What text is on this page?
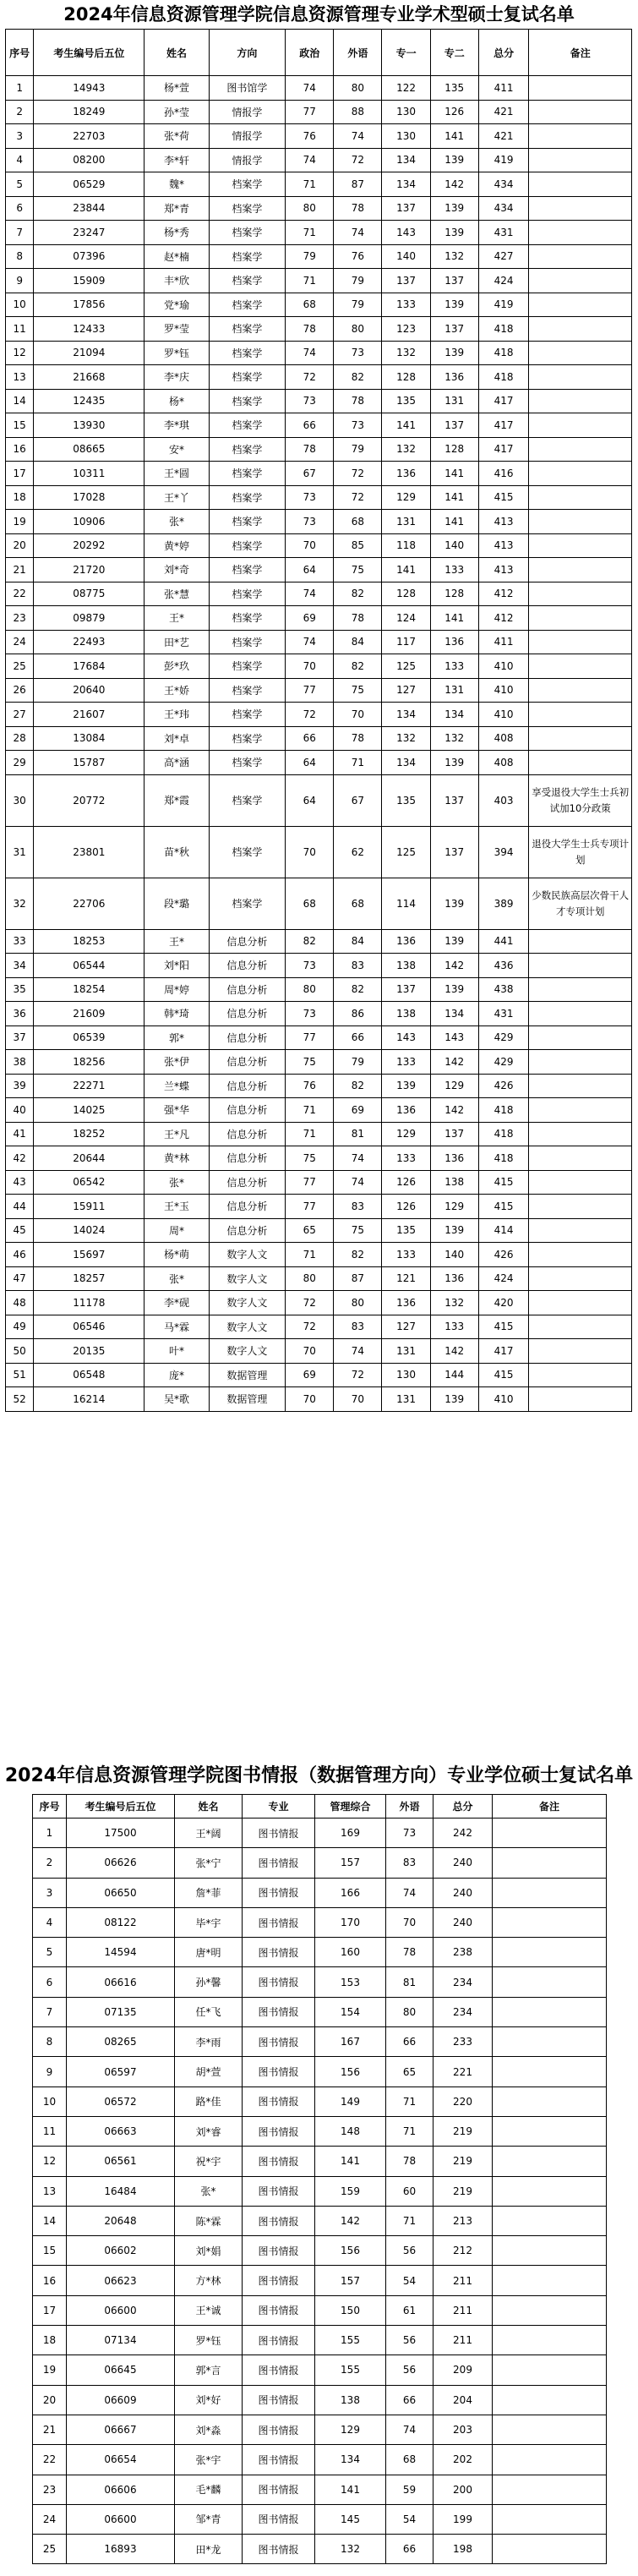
2024年信息资源管理学院信息资源管理专业学术型硕士复试名单
序号	考生编号后五位	姓名	方向	政治	外语	专一	专二	总分	备注
1	14943	杨*萱	图书馆学	74	80	122	135	411	
2	18249	孙*莹	情报学	77	88	130	126	421	
3	22703	张*荷	情报学	76	74	130	141	421	
4	08200	李*轩	情报学	74	72	134	139	419	
5	06529	魏*	档案学	71	87	134	142	434	
6	23844	郑*青	档案学	80	78	137	139	434	
7	23247	杨*秀	档案学	71	74	143	139	431	
8	07396	赵*楠	档案学	79	76	140	132	427	
9	15909	丰*欣	档案学	71	79	137	137	424	
10	17856	党*瑜	档案学	68	79	133	139	419	
11	12433	罗*莹	档案学	78	80	123	137	418	
12	21094	罗*钰	档案学	74	73	132	139	418	
13	21668	李*庆	档案学	72	82	128	136	418	
14	12435	杨*	档案学	73	78	135	131	417	
15	13930	李*琪	档案学	66	73	141	137	417	
16	08665	安*	档案学	78	79	132	128	417	
17	10311	王*圆	档案学	67	72	136	141	416	
18	17028	王*丫	档案学	73	72	129	141	415	
19	10906	张*	档案学	73	68	131	141	413	
20	20292	黄*婷	档案学	70	85	118	140	413	
21	21720	刘*奇	档案学	64	75	141	133	413	
22	08775	张*慧	档案学	74	82	128	128	412	
23	09879	王*	档案学	69	78	124	141	412	
24	22493	田*艺	档案学	74	84	117	136	411	
25	17684	彭*玖	档案学	70	82	125	133	410	
26	20640	王*娇	档案学	77	75	127	131	410	
27	21607	王*玮	档案学	72	70	134	134	410	
28	13084	刘*卓	档案学	66	78	132	132	408	
29	15787	高*涵	档案学	64	71	134	139	408	
30	20772	郑*霞	档案学	64	67	135	137	403	享受退役大学生士兵初试加10分政策
31	23801	苗*秋	档案学	70	62	125	137	394	退役大学生士兵专项计划
32	22706	段*璐	档案学	68	68	114	139	389	少数民族高层次骨干人才专项计划
33	18253	王*	信息分析	82	84	136	139	441	
34	06544	刘*阳	信息分析	73	83	138	142	436	
35	18254	周*婷	信息分析	80	82	137	139	438	
36	21609	韩*琦	信息分析	73	86	138	134	431	
37	06539	郭*	信息分析	77	66	143	143	429	
38	18256	张*伊	信息分析	75	79	133	142	429	
39	22271	兰*蝶	信息分析	76	82	139	129	426	
40	14025	强*华	信息分析	71	69	136	142	418	
41	18252	王*凡	信息分析	71	81	129	137	418	
42	20644	黄*林	信息分析	75	74	133	136	418	
43	06542	张*	信息分析	77	74	126	138	415	
44	15911	王*玉	信息分析	77	83	126	129	415	
45	14024	周*	信息分析	65	75	135	139	414	
46	15697	杨*萌	数字人文	71	82	133	140	426	
47	18257	张*	数字人文	80	87	121	136	424	
48	11178	李*砚	数字人文	72	80	136	132	420	
49	06546	马*霖	数字人文	72	83	127	133	415	
50	20135	叶*	数字人文	70	74	131	142	417	
51	06548	庞*	数据管理	69	72	130	144	415	
52	16214	吴*歌	数据管理	70	70	131	139	410	
2024年信息资源管理学院图书情报（数据管理方向）专业学位硕士复试名单
序号	考生编号后五位	姓名	专业	管理综合	外语	总分	备注
1	17500	王*阔	图书情报	169	73	242	
2	06626	张*宁	图书情报	157	83	240	
3	06650	詹*菲	图书情报	166	74	240	
4	08122	毕*宇	图书情报	170	70	240	
5	14594	唐*明	图书情报	160	78	238	
6	06616	孙*馨	图书情报	153	81	234	
7	07135	任*飞	图书情报	154	80	234	
8	08265	李*雨	图书情报	167	66	233	
9	06597	胡*萱	图书情报	156	65	221	
10	06572	路*佳	图书情报	149	71	220	
11	06663	刘*睿	图书情报	148	71	219	
12	06561	祝*宇	图书情报	141	78	219	
13	16484	张*	图书情报	159	60	219	
14	20648	陈*霖	图书情报	142	71	213	
15	06602	刘*娟	图书情报	156	56	212	
16	06623	方*林	图书情报	157	54	211	
17	06600	王*诚	图书情报	150	61	211	
18	07134	罗*钰	图书情报	155	56	211	
19	06645	郭*言	图书情报	155	56	209	
20	06609	刘*好	图书情报	138	66	204	
21	06667	刘*淼	图书情报	129	74	203	
22	06654	张*宇	图书情报	134	68	202	
23	06606	毛*麟	图书情报	141	59	200	
24	06600	邹*青	图书情报	145	54	199	
25	16893	田*龙	图书情报	132	66	198	
